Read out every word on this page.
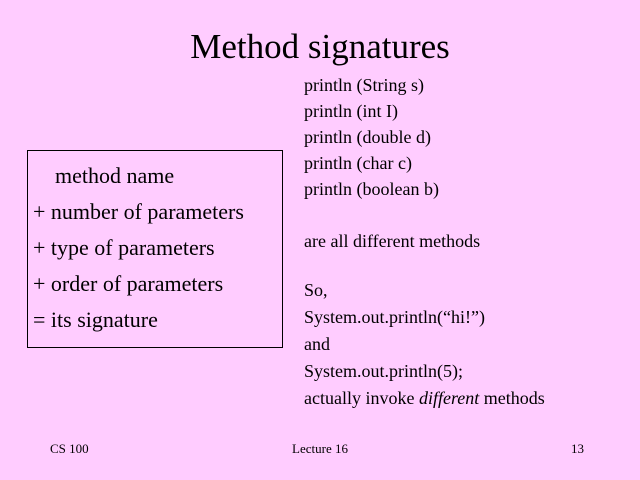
Method signatures
method name
+ number of parameters
+ type of parameters
+ order of parameters
= its signature
println (String s)
println (int I)
println (double d)
println (char c)
println (boolean b)
are all different methods
So,
System.out.println(“hi!”)
and
System.out.println(5);
actually invoke different methods
CS 100	Lecture 16	13
